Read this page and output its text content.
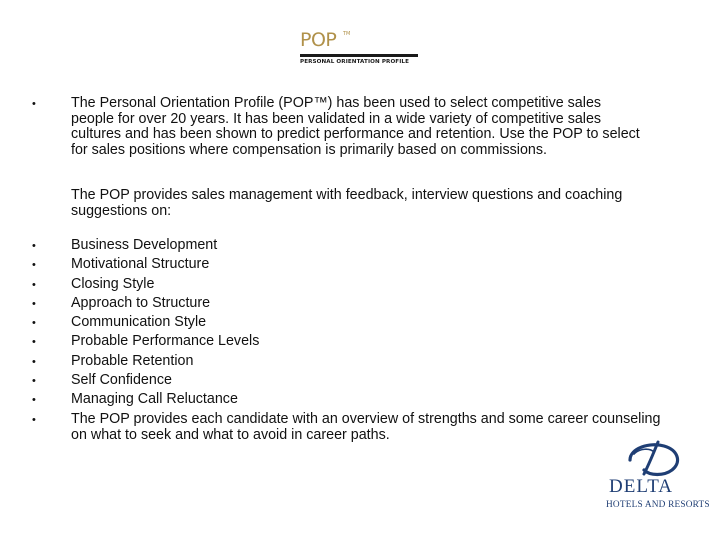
POP TM
PERSONAL ORIENTATION PROFILE
• The Personal Orientation Profile (POP™) has been used to select competitive sales people for over 20 years. It has been validated in a wide variety of competitive sales cultures and has been shown to predict performance and retention. Use the POP to select for sales positions where compensation is primarily based on commissions.
The POP provides sales management with feedback, interview questions and coaching suggestions on:
• Business Development
• Motivational Structure
• Closing Style
• Approach to Structure
• Communication Style
• Probable Performance Levels
• Probable Retention
• Self Confidence
• Managing Call Reluctance
• The POP provides each candidate with an overview of strengths and some career counseling on what to seek and what to avoid in career paths.
DELTA
HOTELS AND RESORTS
